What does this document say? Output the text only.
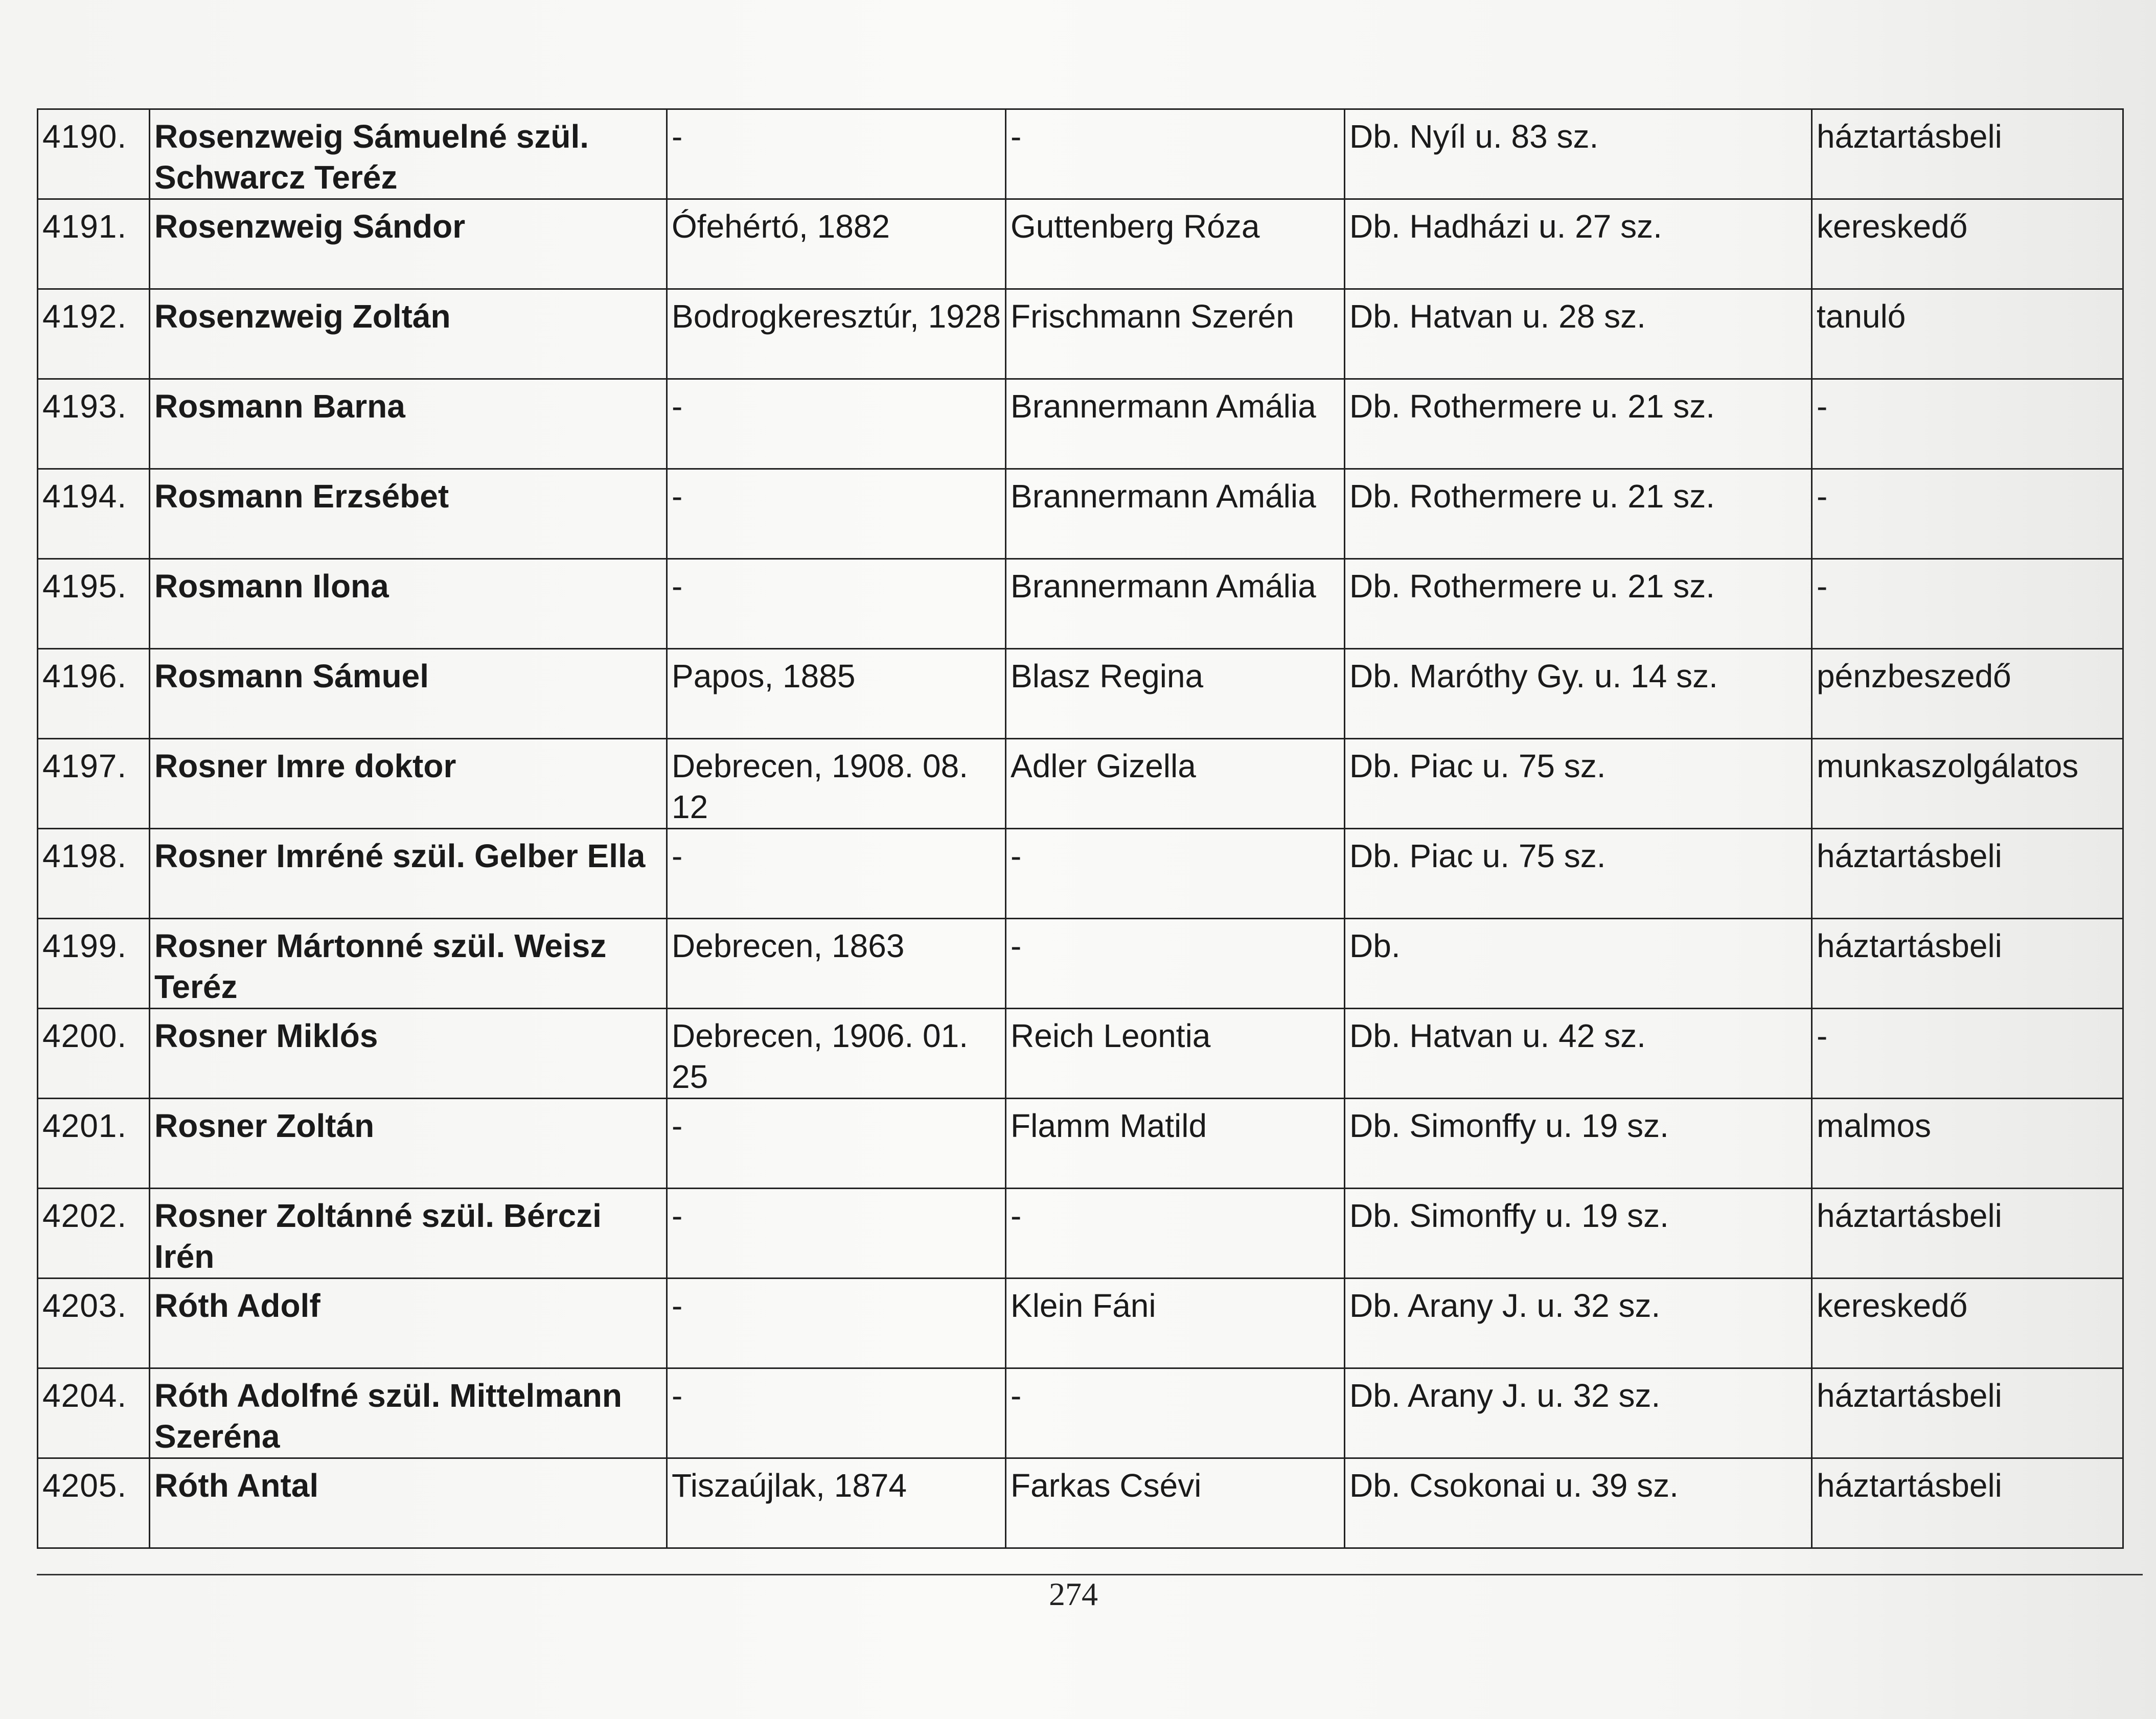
4190.	Rosenzweig Sámuelné szül. Schwarcz Teréz	-	-	Db. Nyíl u. 83 sz.	háztartásbeli
4191.	Rosenzweig Sándor	Ófehértó, 1882	Guttenberg Róza	Db. Hadházi u. 27 sz.	kereskedő
4192.	Rosenzweig Zoltán	Bodrogkeresztúr, 1928	Frischmann Szerén	Db. Hatvan u. 28 sz.	tanuló
4193.	Rosmann Barna	-	Brannermann Amália	Db. Rothermere u. 21 sz.	-
4194.	Rosmann Erzsébet	-	Brannermann Amália	Db. Rothermere u. 21 sz.	-
4195.	Rosmann Ilona	-	Brannermann Amália	Db. Rothermere u. 21 sz.	-
4196.	Rosmann Sámuel	Papos, 1885	Blasz Regina	Db. Maróthy Gy. u. 14 sz.	pénzbeszedő
4197.	Rosner Imre doktor	Debrecen, 1908. 08. 12	Adler Gizella	Db. Piac u. 75 sz.	munkaszolgálatos
4198.	Rosner Imréné szül. Gelber Ella	-	-	Db. Piac u. 75 sz.	háztartásbeli
4199.	Rosner Mártonné szül. Weisz Teréz	Debrecen, 1863	-	Db.	háztartásbeli
4200.	Rosner Miklós	Debrecen, 1906. 01. 25	Reich Leontia	Db. Hatvan u. 42 sz.	-
4201.	Rosner Zoltán	-	Flamm Matild	Db. Simonffy u. 19 sz.	malmos
4202.	Rosner Zoltánné szül. Bérczi Irén	-	-	Db. Simonffy u. 19 sz.	háztartásbeli
4203.	Róth Adolf	-	Klein Fáni	Db. Arany J. u. 32 sz.	kereskedő
4204.	Róth Adolfné szül. Mittelmann Szeréna	-	-	Db. Arany J. u. 32 sz.	háztartásbeli
4205.	Róth Antal	Tiszaújlak, 1874	Farkas Csévi	Db. Csokonai u. 39 sz.	háztartásbeli
274
